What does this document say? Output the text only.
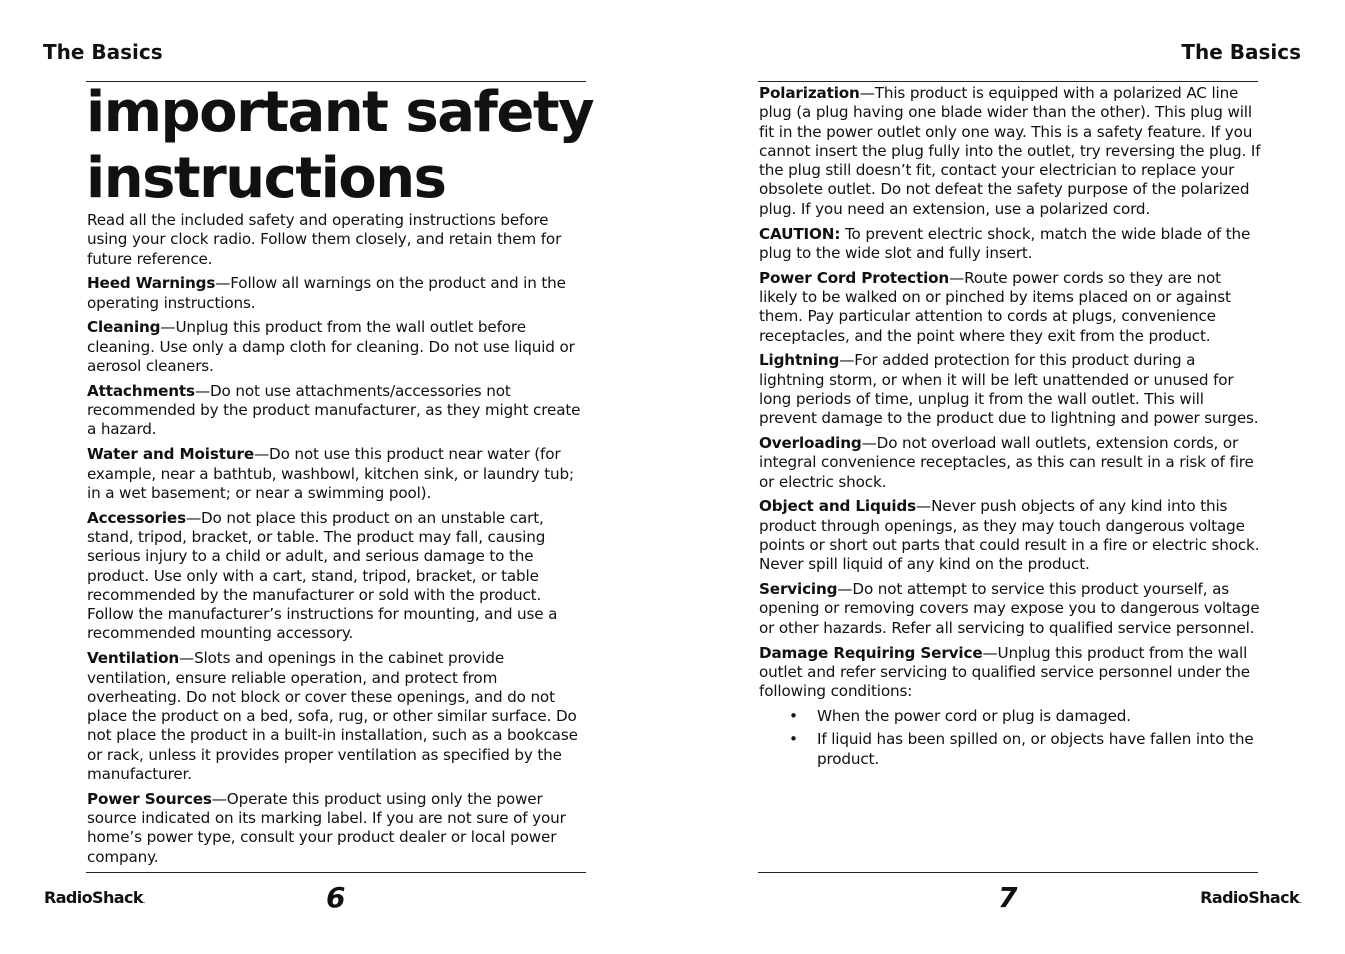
The Basics
important safety
instructions

Read all the included safety and operating instructions before using your clock radio. Follow them closely, and retain them for future reference.

Heed Warnings—Follow all warnings on the product and in the operating instructions.

Cleaning—Unplug this product from the wall outlet before cleaning. Use only a damp cloth for cleaning. Do not use liquid or aerosol cleaners.

Attachments—Do not use attachments/accessories not recommended by the product manufacturer, as they might create a hazard.

Water and Moisture—Do not use this product near water (for example, near a bathtub, washbowl, kitchen sink, or laundry tub; in a wet basement; or near a swimming pool).

Accessories—Do not place this product on an unstable cart, stand, tripod, bracket, or table. The product may fall, causing serious injury to a child or adult, and serious damage to the product. Use only with a cart, stand, tripod, bracket, or table recommended by the manufacturer or sold with the product. Follow the manufacturer’s instructions for mounting, and use a recommended mounting accessory.

Ventilation—Slots and openings in the cabinet provide ventilation, ensure reliable operation, and protect from overheating. Do not block or cover these openings, and do not place the product on a bed, sofa, rug, or other similar surface. Do not place the product in a built-in installation, such as a bookcase or rack, unless it provides proper ventilation as specified by the manufacturer.

Power Sources—Operate this product using only the power source indicated on its marking label. If you are not sure of your home’s power type, consult your product dealer or local power company.

RadioShack.	6
The Basics

Polarization—This product is equipped with a polarized AC line plug (a plug having one blade wider than the other). This plug will fit in the power outlet only one way. This is a safety feature. If you cannot insert the plug fully into the outlet, try reversing the plug. If the plug still doesn’t fit, contact your electrician to replace your obsolete outlet. Do not defeat the safety purpose of the polarized plug. If you need an extension, use a polarized cord.

CAUTION: To prevent electric shock, match the wide blade of the plug to the wide slot and fully insert.

Power Cord Protection—Route power cords so they are not likely to be walked on or pinched by items placed on or against them. Pay particular attention to cords at plugs, convenience receptacles, and the point where they exit from the product.

Lightning—For added protection for this product during a lightning storm, or when it will be left unattended or unused for long periods of time, unplug it from the wall outlet. This will prevent damage to the product due to lightning and power surges.

Overloading—Do not overload wall outlets, extension cords, or integral convenience receptacles, as this can result in a risk of fire or electric shock.

Object and Liquids—Never push objects of any kind into this product through openings, as they may touch dangerous voltage points or short out parts that could result in a fire or electric shock. Never spill liquid of any kind on the product.

Servicing—Do not attempt to service this product yourself, as opening or removing covers may expose you to dangerous voltage or other hazards. Refer all servicing to qualified service personnel.

Damage Requiring Service—Unplug this product from the wall outlet and refer servicing to qualified service personnel under the following conditions:

• When the power cord or plug is damaged.
• If liquid has been spilled on, or objects have fallen into the product.
7	RadioShack.
